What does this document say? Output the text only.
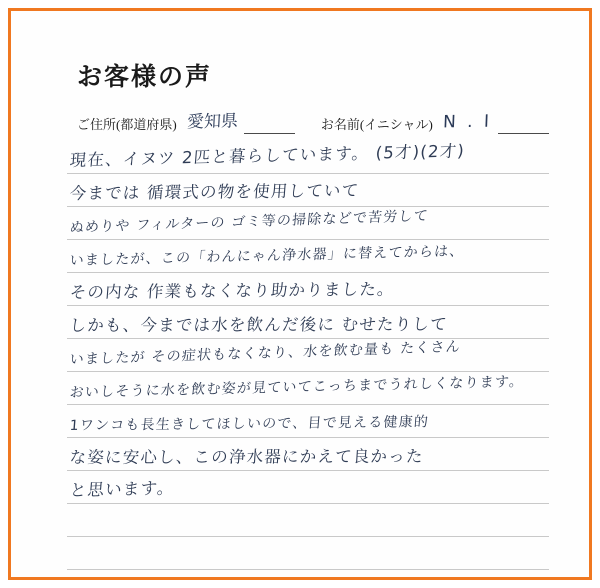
お客様の声
ご住所(都道府県) 愛知県	お名前(イニシャル) N . I
現在、イヌツ 2匹と暮らしています。 (5才)(2才)
今までは 循環式の物を使用していて
ぬめりや フィルターの ゴミ等の掃除などで苦労して
いましたが、この「わんにゃん浄水器」に替えてからは、
その内な 作業もなくなり助かりました。
しかも、今までは水を飲んだ後に むせたりして
いましたが その症状もなくなり、水を飲む量も たくさん
おいしそうに水を飲む姿が見ていてこっちまでうれしくなります。
1ワンコも長生きしてほしいので、目で見える健康的
な姿に安心し、この浄水器にかえて良かった
と思います。
